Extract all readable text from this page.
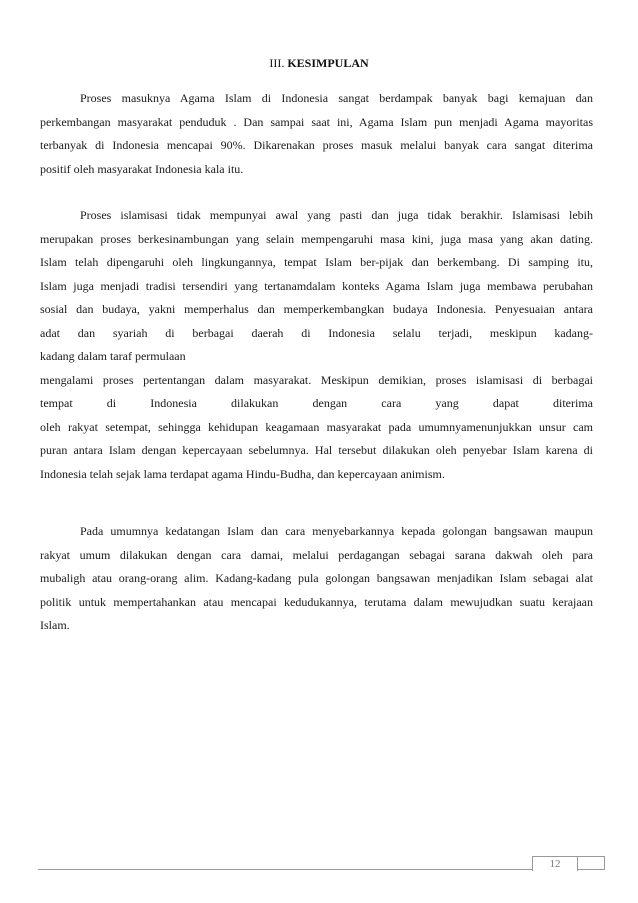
III. KESIMPULAN

Proses masuknya Agama Islam di Indonesia sangat berdampak banyak bagi kemajuan dan
perkembangan masyarakat penduduk . Dan sampai saat ini, Agama Islam pun menjadi Agama mayoritas
terbanyak di Indonesia mencapai 90%. Dikarenakan proses masuk melalui banyak cara sangat diterima
positif oleh masyarakat Indonesia kala itu.

Proses islamisasi tidak mempunyai awal yang pasti dan juga tidak berakhir. Islamisasi lebih
merupakan proses berkesinambungan yang selain mempengaruhi masa kini, juga masa yang akan dating.
Islam telah dipengaruhi oleh lingkungannya, tempat Islam ber-pijak dan berkembang. Di samping itu,
Islam juga menjadi tradisi tersendiri yang tertanamdalam konteks Agama Islam juga membawa perubahan
sosial dan budaya, yakni memperhalus dan memperkembangkan budaya Indonesia. Penyesuaian antara
adat dan syariah di berbagai daerah di Indonesia selalu terjadi, meskipun kadang-
kadang dalam taraf permulaan
mengalami proses pertentangan dalam masyarakat. Meskipun demikian, proses islamisasi di berbagai
tempat di Indonesia dilakukan dengan cara yang dapat diterima
oleh rakyat setempat, sehingga kehidupan keagamaan masyarakat pada umumnyamenunjukkan unsur cam
puran antara Islam dengan kepercayaan sebelumnya. Hal tersebut dilakukan oleh penyebar Islam karena di
Indonesia telah sejak lama terdapat agama Hindu-Budha, dan kepercayaan animism.

Pada umumnya kedatangan Islam dan cara menyebarkannya kepada golongan bangsawan maupun
rakyat umum dilakukan dengan cara damai, melalui perdagangan sebagai sarana dakwah oleh para
mubaligh atau orang-orang alim. Kadang-kadang pula golongan bangsawan menjadikan Islam sebagai alat
politik untuk mempertahankan atau mencapai kedudukannya, terutama dalam mewujudkan suatu kerajaan
Islam.

12
